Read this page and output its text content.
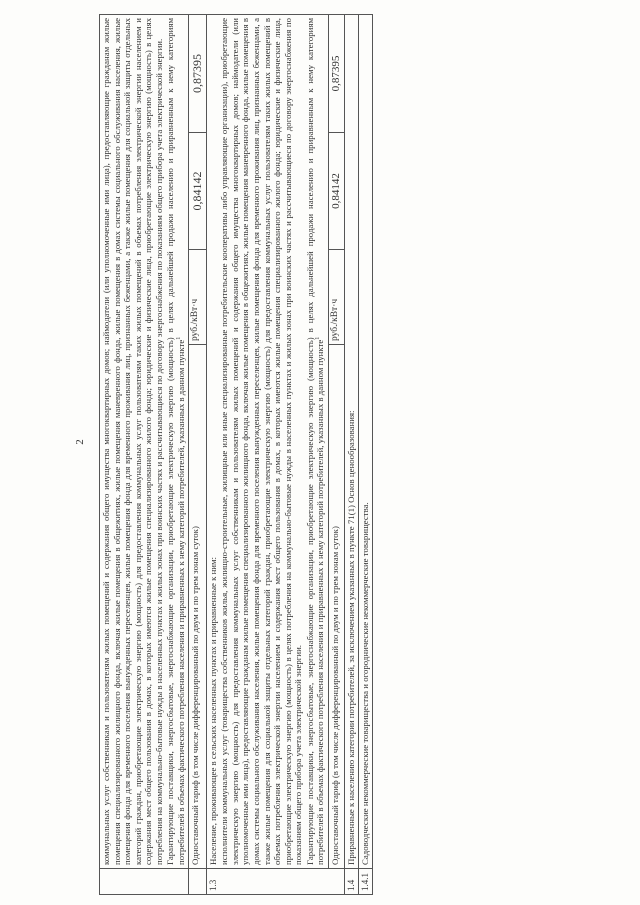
2

	коммунальных услуг собственникам и пользователям жилых помещений и содержания общего имущества многоквартирных домов; наймодатели (или уполномоченные ими лица), предоставляющие гражданам жилые помещения специализированного жилищного фонда, включая жилые помещения в общежитиях, жилые помещения маневренного фонда, жилые помещения в домах системы социального обслуживания населения, жилые помещения фонда для временного поселения вынужденных переселенцев, жилые помещения фонда для временного проживания лиц, признанных беженцами, а также жилые помещения для социальной защиты отдельных категорий граждан, приобретающие электрическую энергию (мощность) для предоставления коммунальных услуг пользователям таких жилых помещений в объемах потребления электрической энергии населением и содержания мест общего пользования в домах, в которых имеются жилые помещения специализированного жилого фонда; юридические и физические лица, приобретающие электрическую энергию (мощность) в целях потребления на коммунально-бытовые нужды в населенных пунктах и жилых зонах при воинских частях и рассчитывающиеся по договору энергоснабжения по показаниям общего прибора учета электрической энергии. Гарантирующие поставщики, энергосбытовые, энергоснабжающие организации, приобретающие электрическую энергию (мощность) в целях дальнейшей продажи населению и приравненным к нему категориям потребителей в объемах фактического потребления населения и приравненных к нему категорий потребителей, указанных в данном пункте$^1$

	Одноставочный тариф (в том числе дифференцированный по двум и по трем зонам суток)	руб./кВт·ч	0,84142	0,87395
1.3	Население, проживающее в сельских населенных пунктах и приравненные к ним: исполнители коммунальных услуг (товарищества собственников жилья, жилищно-строительные, жилищные или иные специализированные потребительские кооперативы либо управляющие организации), приобретающие электрическую энергию (мощность) для предоставления коммунальных услуг собственникам и пользователям жилых помещений и содержания общего имущества многоквартирных домов; наймодатели (или уполномоченные ими лица), предоставляющие гражданам жилые помещения специализированного жилищного фонда, включая жилые помещения в общежитиях, жилые помещения маневренного фонда, жилые помещения в домах системы социального обслуживания населения, жилые помещения фонда для временного поселения вынужденных переселенцев, жилые помещения фонда для временного проживания лиц, признанных беженцами, а также жилые помещения для социальной защиты отдельных категорий граждан, приобретающие электрическую энергию (мощность) для предоставления коммунальных услуг пользователям таких жилых помещений в объемах потребления электрической энергии населением и содержания мест общего пользования в домах, в которых имеются жилые помещения специализированного жилого фонда; юридические и физические лица, приобретающие электрическую энергию (мощность) в целях потребления на коммунально-бытовые нужды в населенных пунктах и жилых зонах при воинских частях и рассчитывающиеся по договору энергоснабжения по показаниям общего прибора учета электрической энергии. Гарантирующие поставщики, энергосбытовые, энергоснабжающие организации, приобретающие электрическую энергию (мощность) в целях дальнейшей продажи населению и приравненным к нему категориям потребителей в объемах фактического потребления населения и приравненных к нему категорий потребителей, указанных в данном пункте$^1$

	Одноставочный тариф (в том числе дифференцированный по двум и по трем зонам суток)	руб./кВт·ч	0,84142	0,87395
1.4	Приравненные к населению категории потребителей, за исключением указанных в пункте 71(1) Основ ценообразования:			
1.4.1	Садоводческие некоммерческие товарищества и огороднические некоммерческие товарищества.			
